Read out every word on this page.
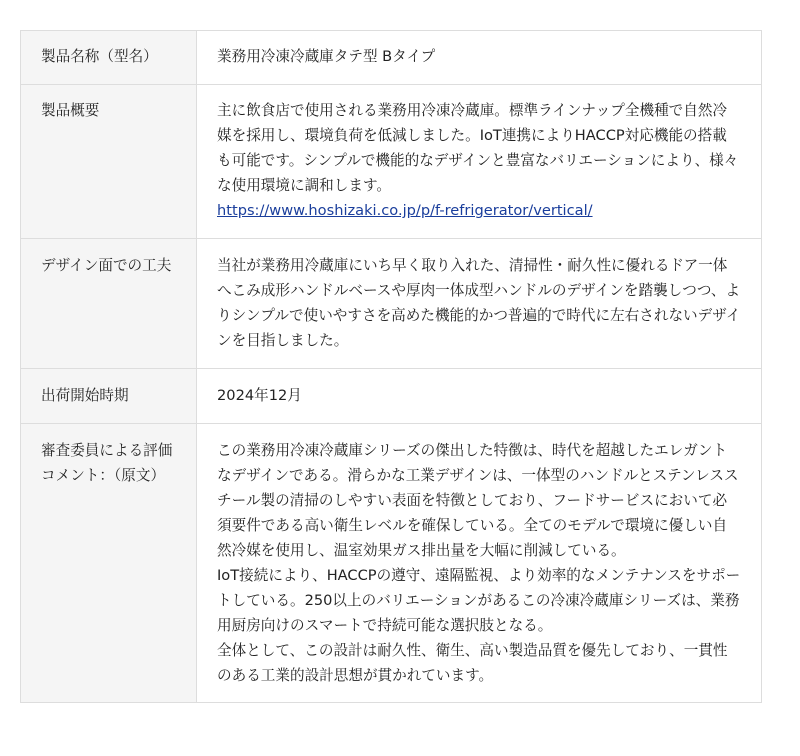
製品名称（型名）	業務用冷凍冷蔵庫タテ型 Bタイプ

製品概要	主に飲食店で使用される業務用冷凍冷蔵庫。標準ラインナップ全機種で自然冷媒を採用し、環境負荷を低減しました。IoT連携によりHACCP対応機能の搭載も可能です。シンプルで機能的なデザインと豊富なバリエーションにより、様々な使用環境に調和します。

https://www.hoshizaki.co.jp/p/f-refrigerator/vertical/

デザイン面での工夫	当社が業務用冷蔵庫にいち早く取り入れた、清掃性・耐久性に優れるドア一体へこみ成形ハンドルベースや厚肉一体成型ハンドルのデザインを踏襲しつつ、よりシンプルで使いやすさを高めた機能的かつ普遍的で時代に左右されないデザインを目指しました。

出荷開始時期	2024年12月

審査委員による評価コメント：（原文）	この業務用冷凍冷蔵庫シリーズの傑出した特徴は、時代を超越したエレガントなデザインである。滑らかな工業デザインは、一体型のハンドルとステンレススチール製の清掃のしやすい表面を特徴としており、フードサービスにおいて必須要件である高い衛生レベルを確保している。全てのモデルで環境に優しい自然冷媒を使用し、温室効果ガス排出量を大幅に削減している。

IoT接続により、HACCPの遵守、遠隔監視、より効率的なメンテナンスをサポートしている。250以上のバリエーションがあるこの冷凍冷蔵庫シリーズは、業務用厨房向けのスマートで持続可能な選択肢となる。

全体として、この設計は耐久性、衛生、高い製造品質を優先しており、一貫性のある工業的設計思想が貫かれています。
